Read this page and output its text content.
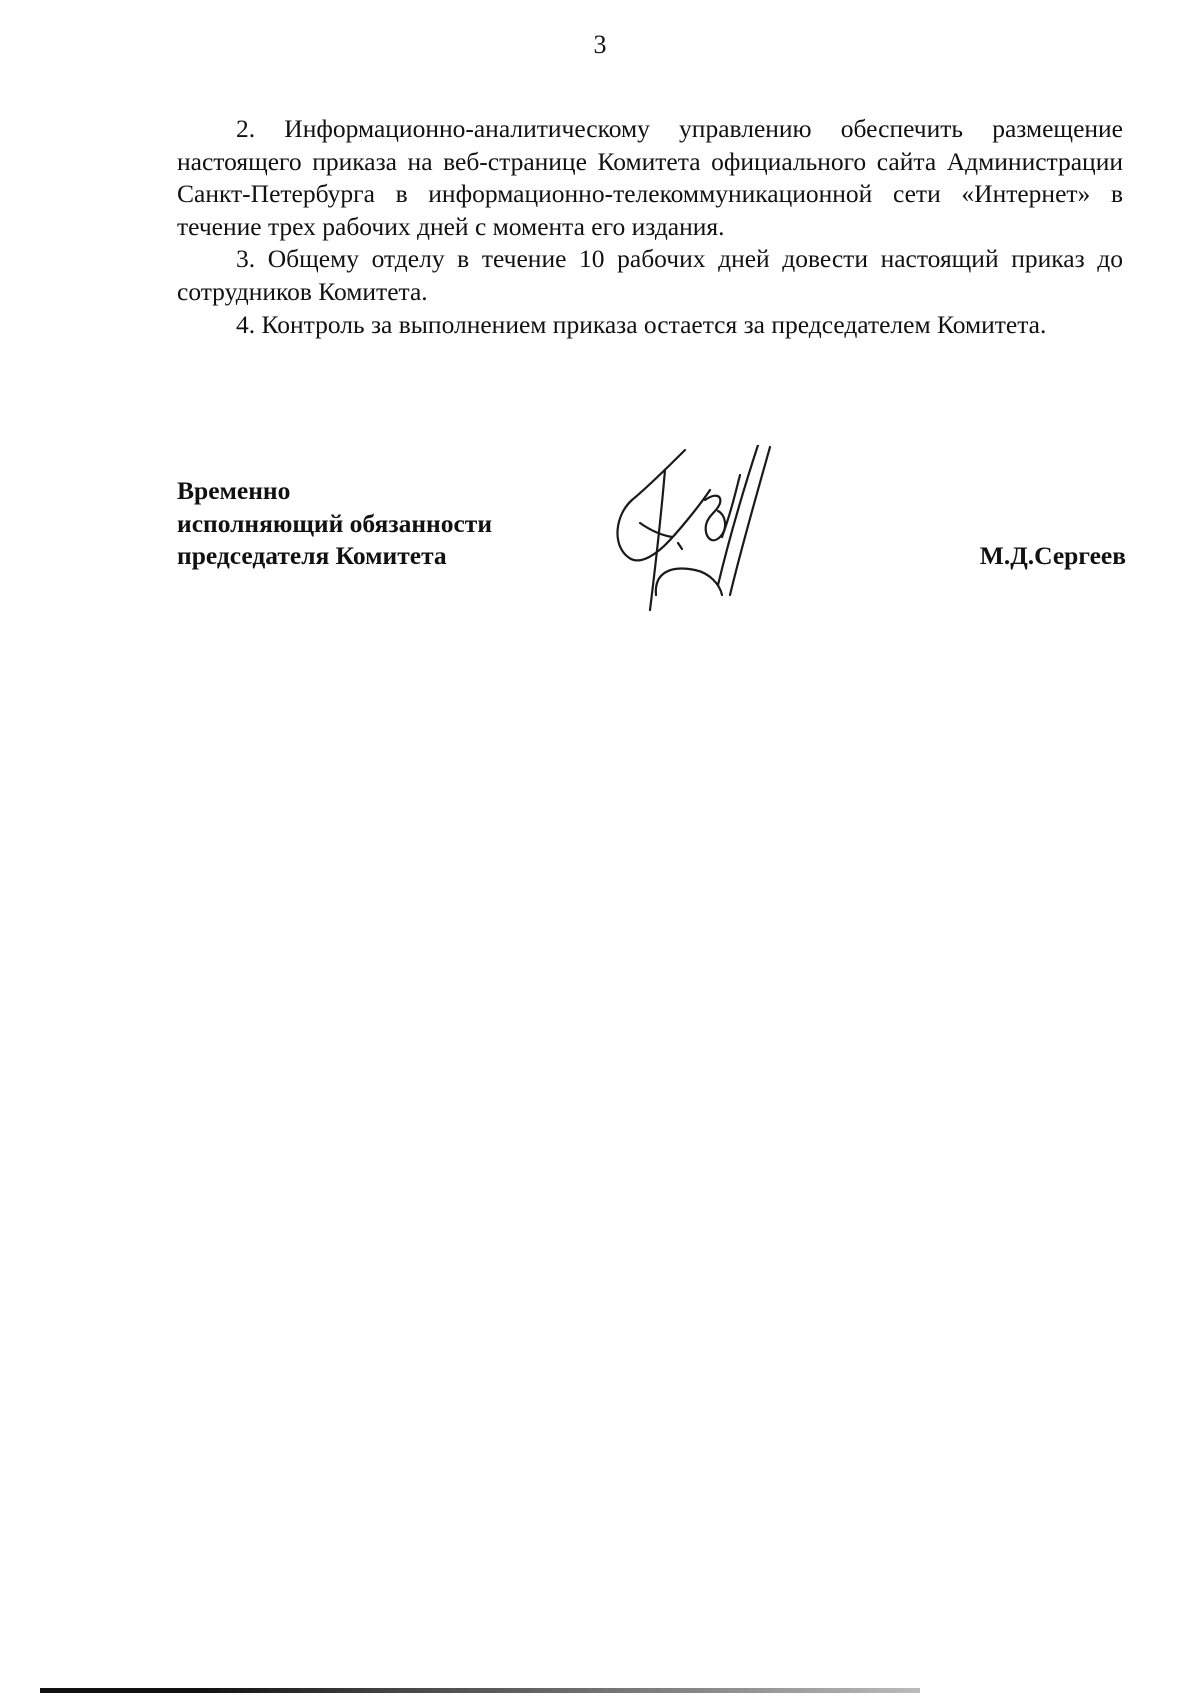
3

2. Информационно-аналитическому управлению обеспечить размещение настоящего приказа на веб-странице Комитета официального сайта Администрации Санкт-Петербурга в информационно-телекоммуникационной сети «Интернет» в течение трех рабочих дней с момента его издания.

3. Общему отделу в течение 10 рабочих дней довести настоящий приказ до сотрудников Комитета.

4. Контроль за выполнением приказа остается за председателем Комитета.

Временно
исполняющий обязанности
председателя Комитета	М.Д.Сергеев
